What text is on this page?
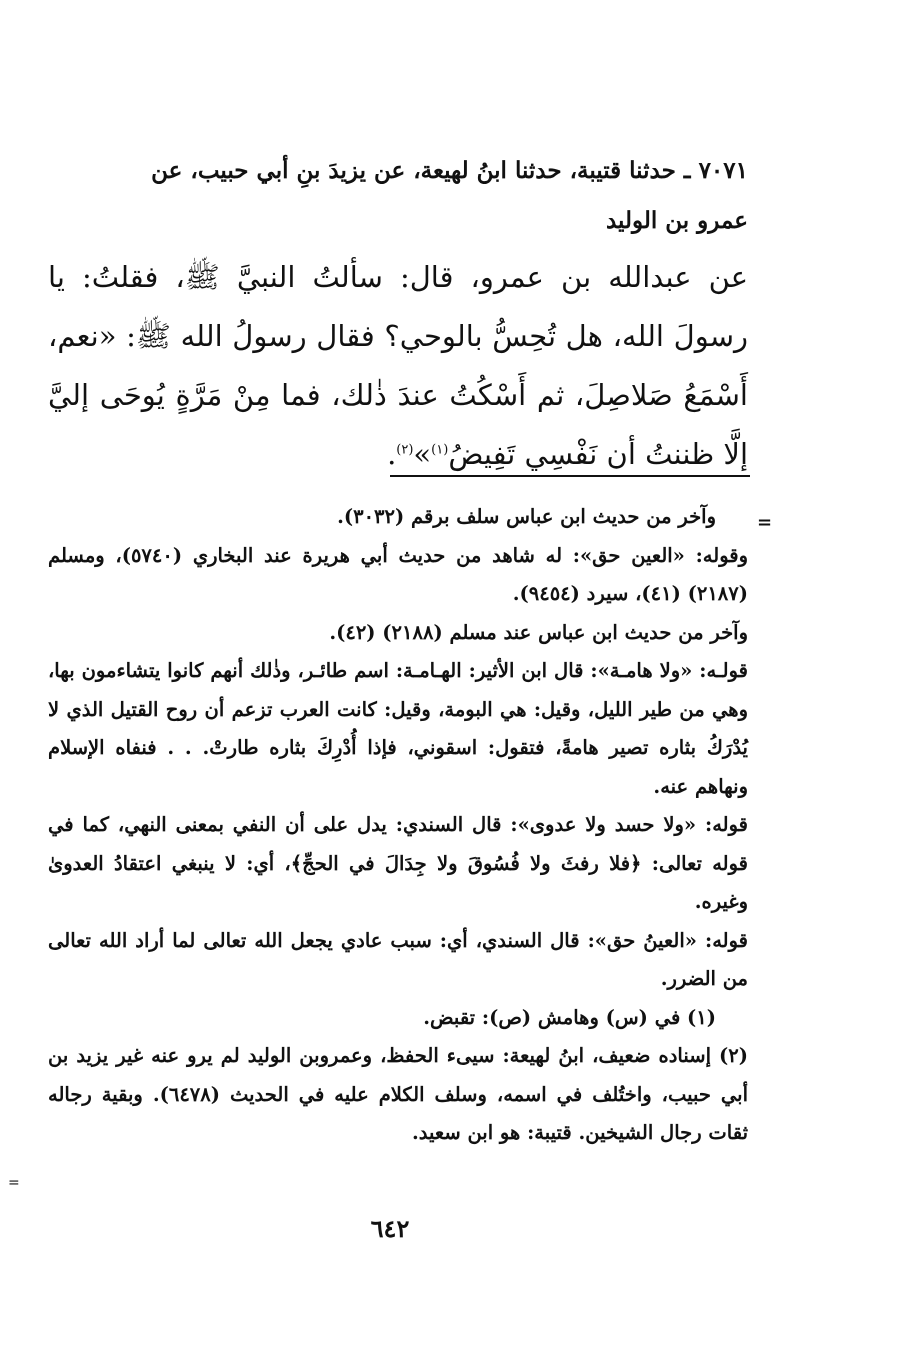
٧٠٧١ ـ حدثنا قتيبة، حدثنا ابنُ لهيعة، عن يزيدَ بنِ أبي حبيب، عن
عمرو بن الوليد
عن عبدالله بن عمرو، قال: سألتُ النبيَّ ﷺ، فقلتُ: يا رسولَ الله، هل تُحِسُّ بالوحي؟ فقال رسولُ الله ﷺ: «نعم، أَسْمَعُ صَلاصِلَ، ثم أَسْكُتُ عندَ ذٰلك، فما مِنْ مَرَّةٍ يُوحَى إليَّ إلَّا ظننتُ أن نَفْسِي تَفِيضُ$^{(١)}$»$^{(٢)}$.
=

وآخر من حديث ابن عباس سلف برقم (٣٠٣٢).

وقوله: «العين حق»: له شاهد من حديث أبي هريرة عند البخاري (٥٧٤٠)، ومسلم (٢١٨٧) (٤١)، سيرد (٩٤٥٤).

وآخر من حديث ابن عباس عند مسلم (٢١٨٨) (٤٢).

قولـه: «ولا هامـة»: قال ابن الأثير: الهـامـة: اسم طائـر، وذٰلك أنهم كانوا يتشاءمون بها، وهي من طير الليل، وقيل: هي البومة، وقيل: كانت العرب تزعم أن روح القتيل الذي لا يُدْرَكُ بثاره تصير هامةً، فتقول: اسقوني، فإذا أُدْرِكَ بثاره طارتْ. . . فنفاه الإسلام ونهاهم عنه.

قوله: «ولا حسد ولا عدوى»: قال السندي: يدل على أن النفي بمعنى النهي، كما في قوله تعالى: ﴿فلا رفثَ ولا فُسُوقَ ولا جِدَالَ في الحجِّ﴾، أي: لا ينبغي اعتقادُ العدوىٰ وغيره.

قوله: «العينُ حق»: قال السندي، أي: سبب عادي يجعل الله تعالى لما أراد الله تعالى من الضرر.

(١) في (س) وهامش (ص): تقبض.

(٢) إسناده ضعيف، ابنُ لهيعة: سيىء الحفظ، وعمروبن الوليد لم يرو عنه غير يزيد بن أبي حبيب، واختُلف في اسمه، وسلف الكلام عليه في الحديث (٦٤٧٨). وبقية رجاله ثقات رجال الشيخين. قتيبة: هو ابن سعيد.

=
٦٤٢
